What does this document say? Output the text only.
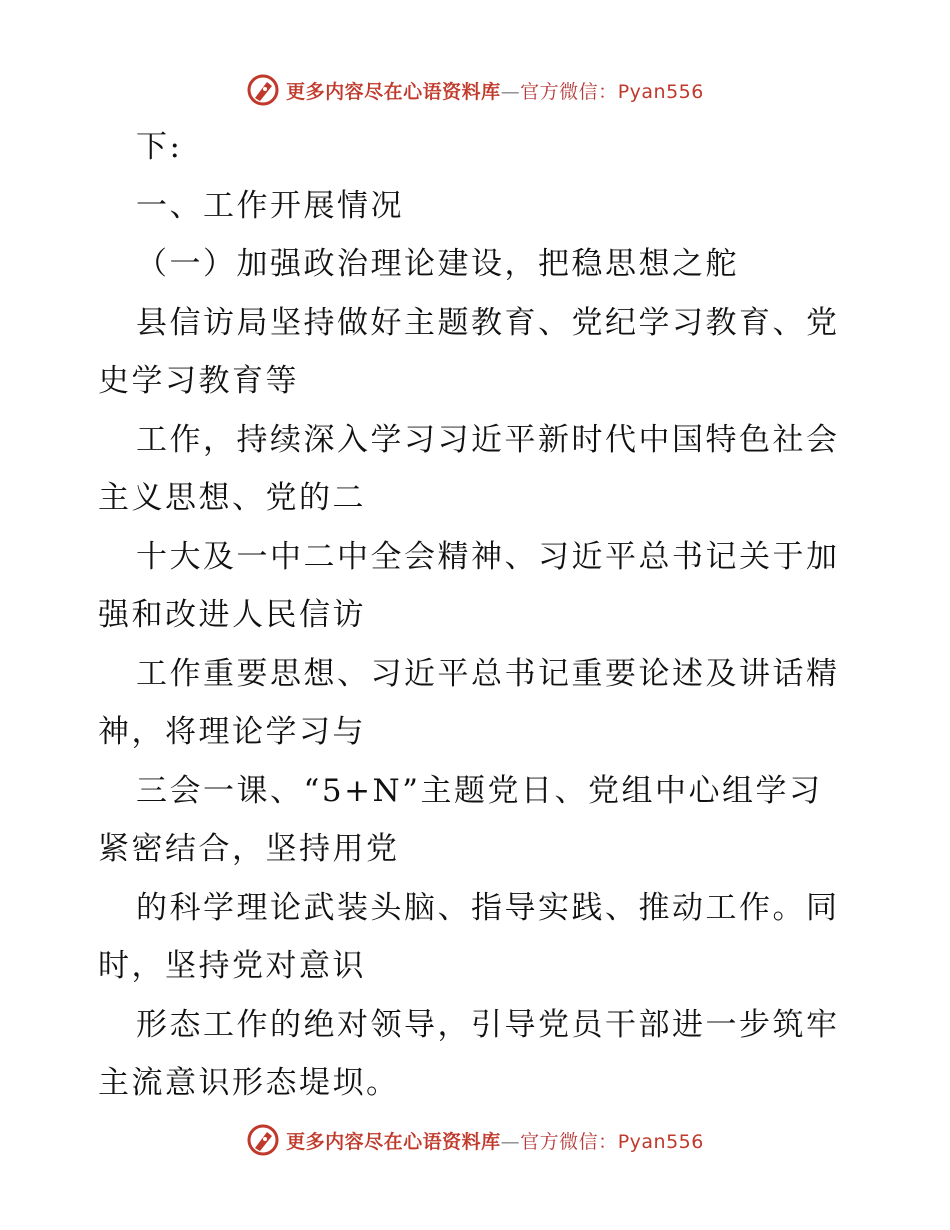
更多内容尽在心语资料库—官方微信：Pyan556
下:
一、工作开展情况
（一）加强政治理论建设，把稳思想之舵
县信访局坚持做好主题教育、党纪学习教育、党
史学习教育等
工作，持续深入学习习近平新时代中国特色社会
主义思想、党的二
十大及一中二中全会精神、习近平总书记关于加
强和改进人民信访
工作重要思想、习近平总书记重要论述及讲话精
神，将理论学习与
三会一课、“5+N”主题党日、党组中心组学习
紧密结合，坚持用党
的科学理论武装头脑、指导实践、推动工作。同
时，坚持党对意识
形态工作的绝对领导，引导党员干部进一步筑牢
主流意识形态堤坝。
更多内容尽在心语资料库—官方微信：Pyan556
